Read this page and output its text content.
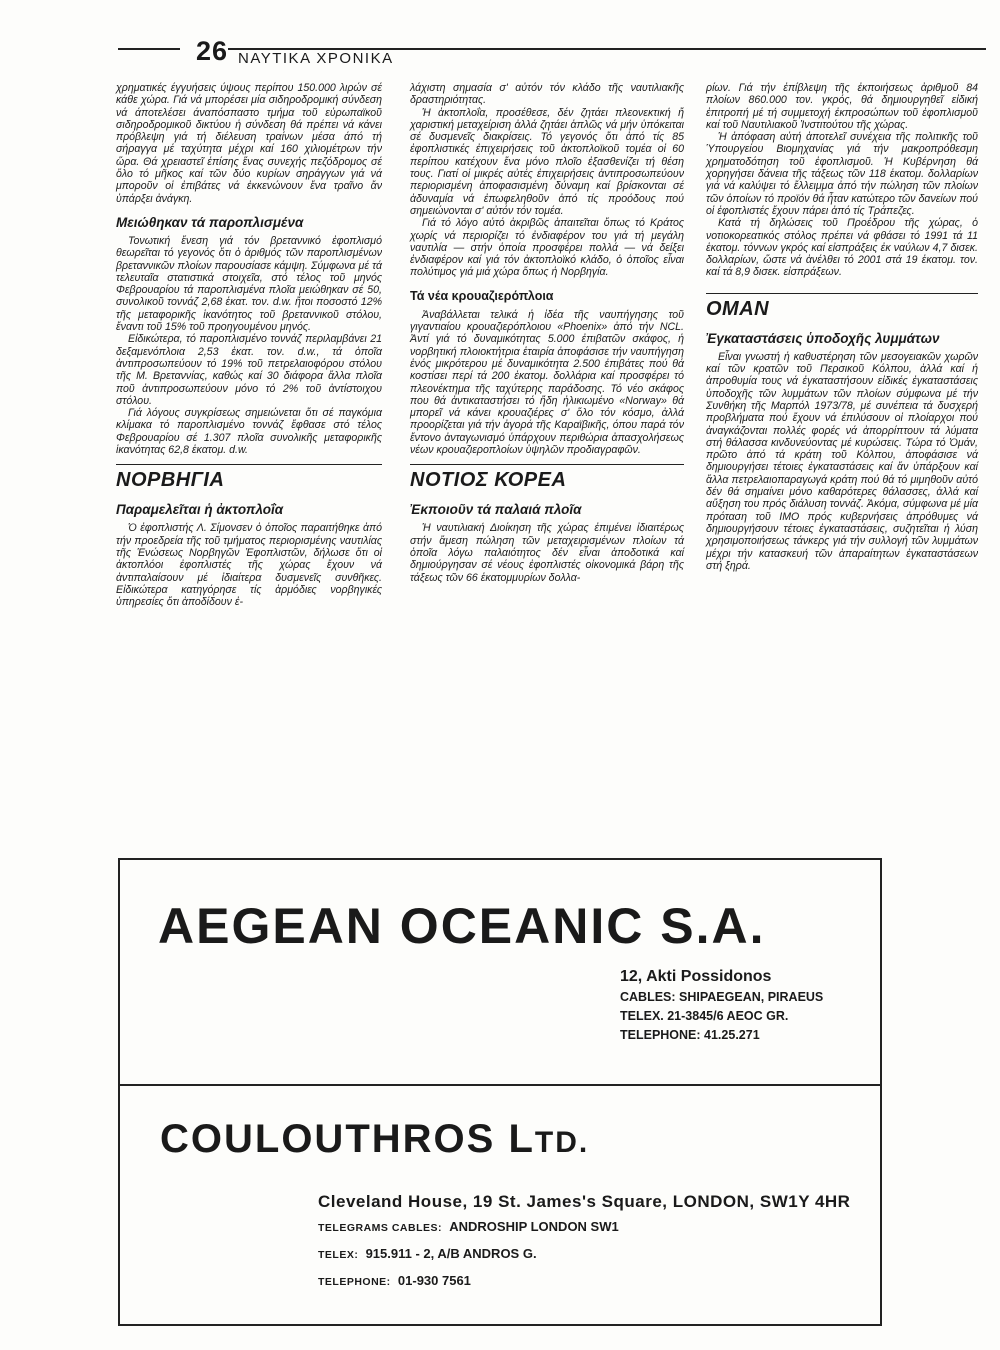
26 ΝΑΥΤΙΚΑ ΧΡΟΝΙΚΑ

χρηματικές έγγυήσεις ύψους περίπου 150.000 λιρών σέ κάθε χώρα. Γιά νά μπορέσει μία σιδηροδρομική σύνδεση νά άποτελέσει άναπόσπαστο τμήμα τοῦ εὐρωπαϊκοῦ σιδηροδρομικοῦ δικτύου ἡ σύνδεση θά πρέπει νά κάνει πρόβλεψη γιά τή διέλευση τραίνων μέσα άπό τή σήραγγα μέ ταχύτητα μέχρι καί 160 χιλιομέτρων τήν ὥρα. Θά χρειαστεῖ ἐπίσης ἕνας συνεχής πεζόδρομος σέ ὅλο τό μῆκος καί τῶν δύο κυρίων σηράγγων γιά νά μποροῦν οἱ ἐπιβάτες νά ἐκκενώνουν ἕνα τραῖνο ἄν ὑπάρξει ἀνάγκη.

Μειώθηκαν τά παροπλισμένα

Τονωτική ἔνεση γιά τόν βρεταννικό ἐφοπλισμό θεωρεῖται τό γεγονός ὅτι ὁ ἀριθμός τῶν παροπλισμένων βρεταννικῶν πλοίων παρουσίασε κάμψη. Σύμφωνα μέ τά τελευταῖα στατιστικά στοιχεῖα, στό τέλος τοῦ μηνός Φεβρουαρίου τά παροπλισμένα πλοῖα μειώθηκαν σέ 50, συνολικοῦ τοννάζ 2,68 ἑκατ. τον. d.w. ἤτοι ποσοστό 12% τῆς μεταφορικῆς ἱκανότητος τοῦ βρεταννικοῦ στόλου, ἔναντι τοῦ 15% τοῦ προηγουμένου μηνός.

Εἰδικώτερα, τό παροπλισμένο τοννάζ περιλαμβάνει 21 δεξαμενόπλοια 2,53 ἑκατ. τον. d.w., τά ὁποῖα ἀντιπροσωπεύουν τό 19% τοῦ πετρελαιοφόρου στόλου τῆς Μ. Βρεταννίας, καθώς καί 30 διάφορα ἄλλα πλοῖα ποῦ ἀντιπροσωπεύουν μόνο τό 2% τοῦ ἀντίστοιχου στόλου.

Γιά λόγους συγκρίσεως σημειώνεται ὅτι σέ παγκόμια κλίμακα τό παροπλισμένο τοννάζ ἔφθασε στό τέλος Φεβρουαρίου σέ 1.307 πλοῖα συνολικῆς μεταφορικῆς ἱκανότητας 62,8 ἑκατομ. d.w.

ΝΟΡΒΗΓΙΑ
Παραμελεῖται ἡ ἀκτοπλοΐα

Ὁ ἐφοπλιστής Λ. Σίμονσεν ὁ ὁποῖος παραιτήθηκε ἀπό τήν προεδρεία τῆς τοῦ τμήματος περιορισμένης ναυτιλίας τῆς Ἑνώσεως Νορβηγῶν Ἐφοπλιστῶν, δήλωσε ὅτι οἱ ἀκτοπλόοι ἐφοπλιστές τῆς χώρας ἔχουν νά ἀντιπαλαίσουν μέ ἰδιαίτερα δυσμενεῖς συνθῆκες. Εἰδικώτερα κατηγόρησε τίς ἁρμόδιες νορβηγικές ὑπηρεσίες ὅτι ἀποδίδουν ἐ-

λάχιστη σημασία σ' αὐτόν τόν κλάδο τῆς ναυτιλιακῆς δραστηριότητας.

Ἡ ἀκτοπλοΐα, προσέθεσε, δέν ζητάει πλεονεκτική ἤ χαριστική μεταχείριση ἀλλά ζητάει ἁπλῶς νά μήν ὑπόκειται σέ δυσμενεῖς διακρίσεις. Τό γεγονός ὅτι ἀπό τίς 85 ἐφοπλιστικές ἐπιχειρήσεις τοῦ ἀκτοπλοϊκοῦ τομέα οἱ 60 περίπου κατέχουν ἕνα μόνο πλοῖο ἐξασθενίζει τή θέση τους. Γιατί οἱ μικρές αὐτές ἐπιχειρήσεις ἀντιπροσωπεύουν περιορισμένη ἀποφασισμένη δύναμη καί βρίσκονται σέ ἀδυναμία νά ἐπωφεληθοῦν ἀπό τίς προόδους πού σημειώνονται σ' αὐτόν τόν τομέα.

Γιά τό λόγο αὐτό ἀκριβῶς ἀπαιτεῖται ὅπως τό Κράτος χωρίς νά περιορίζει τό ἐνδιαφέρον του γιά τή μεγάλη ναυτιλία — στήν ὁποία προσφέρει πολλά — νά δείξει ἐνδιαφέρον καί γιά τόν ἀκτοπλοϊκό κλάδο, ὁ ὁποῖος εἶναι πολύτιμος γιά μιά χώρα ὅπως ἡ Νορβηγία.

Τά νέα κρουαζιερόπλοια

Ἀναβάλλεται τελικά ἡ ἰδέα τῆς ναυπήγησης τοῦ γιγαντιαίου κρουαζιερόπλοιου «Phoenix» ἀπό τήν NCL. Ἀντί γιά τό δυναμικότητας 5.000 ἐπιβατῶν σκάφος, ἡ νορβητική πλοιοκτήτρια ἑταιρία ἀποφάσισε τήν ναυπήγηση ἑνός μικρότερου μέ δυναμικότητα 2.500 ἐπιβάτες πού θά κοστίσει περί τά 200 ἑκατομ. δολλάρια καί προσφέρει τό πλεονέκτημα τῆς ταχύτερης παράδοσης. Τό νέο σκάφος που θά ἀντικαταστήσει τό ἤδη ἡλικιωμένο «Norway» θά μπορεῖ νά κάνει κρουαζιέρες σ' ὅλο τόν κόσμο, ἀλλά προορίζεται γιά τήν ἀγορά τῆς Καραϊβικῆς, όπου παρά τόν ἔντονο ἀνταγωνισμό ὑπάρχουν περιθώρια ἀπασχολήσεως νέων κρουαζιεροπλοίων ὑψηλῶν προδιαγραφῶν.

ΝΟΤΙΟΣ ΚΟΡΕΑ
Ἐκποιοῦν τά παλαιά πλοῖα

Ἡ ναυτιλιακή Διοίκηση τῆς χώρας ἐπιμένει ἰδιαιτέρως στήν ἄμεση πώληση τῶν μεταχειρισμένων πλοίων τά ὁποῖα λόγω παλαιότητος δέν εἶναι ἀποδοτικά καί δημιούργησαν σέ νέους ἐφοπλιστές οἰκονομικά βάρη τῆς τάξεως τῶν 66 ἑκατομμυρίων δολλα-

ρίων. Γιά τήν ἐπίβλεψη τῆς ἐκποιήσεως ἀριθμοῦ 84 πλοίων 860.000 τον. γκρός, θά δημιουργηθεῖ εἰδική ἐπιτροπή μέ τή συμμετοχή ἐκπροσώπων τοῦ ἐφοπλισμοῦ καί τοῦ Ναυτιλιακοῦ Ἰνστιτούτου τῆς χώρας.

Ἡ ἀπόφαση αὐτή ἀποτελεῖ συνέχεια τῆς πολιτικῆς τοῦ Ὑπουργείου Βιομηχανίας γιά τήν μακροπρόθεσμη χρηματοδότηση τοῦ ἐφοπλισμοῦ. Ἡ Κυβέρνηση θά χορηγήσει δάνεια τῆς τάξεως τῶν 118 ἑκατομ. δολλαρίων γιά νά καλύψει τό ἔλλειμμα ἀπό τήν πώληση τῶν πλοίων τῶν ὁποίων τό προϊόν θά ἦταν κατώτερο τῶν δανείων πού οἱ ἐφοπλιστές ἔχουν πάρει ἀπό τίς Τράπεζες.

Κατά τή δηλώσεις τοῦ Προέδρου τῆς χώρας, ὁ νοτιοκορεατικός στόλος πρέπει νά φθάσει τό 1991 τά 11 ἑκατομ. τόννων γκρός καί εἰσπράξεις ἐκ ναύλων 4,7 δισεκ. δολλαρίων, ὥστε νά ἀνέλθει τό 2001 στά 19 ἑκατομ. τον. καί τά 8,9 δισεκ. εἰσπράξεων.

ΟΜΑΝ
Ἐγκαταστάσεις ὑποδοχῆς λυμμάτων

Εἶναι γνωστή ἡ καθυστέρηση τῶν μεσογειακῶν χωρῶν καί τῶν κρατῶν τοῦ Περσικοῦ Κόλπου, ἀλλά καί ἡ ἀπροθυμία τους νά ἐγκαταστήσουν εἰδικές ἐγκαταστάσεις ὑποδοχῆς τῶν λυμμάτων τῶν πλοίων σύμφωνα μέ τήν Συνθήκη τῆς Μαρπόλ 1973/78, μέ συνέπεια τά δυσχερή προβλήματα πού ἔχουν νά ἐπιλύσουν οἱ πλοίαρχοι πού ἀναγκάζονται πολλές φορές νά ἀπορρίπτουν τά λύματα στή θάλασσα κινδυνεύοντας μέ κυρώσεις. Τώρα τό Ὀμάν, πρῶτο ἀπό τά κράτη τοῦ Κόλπου, ἀποφάσισε νά δημιουργήσει τέτοιες ἐγκαταστάσεις καί ἄν ὑπάρξουν καί ἄλλα πετρελαιοπαραγωγά κράτη πού θά τό μιμηθοῦν αὐτό δέν θά σημαίνει μόνο καθαρότερες θάλασσες, ἀλλά καί αὔξηση του πρός διάλυση τοννάζ. Ἀκόμα, σύμφωνα μέ μία πρόταση τοῦ ΙΜΟ πρός κυβερνήσεις ἀπρόθυμες νά δημιουργήσουν τέτοιες ἐγκαταστάσεις, συζητεῖται ἡ λύση χρησιμοποιήσεως τάνκερς γιά τήν συλλογή τῶν λυμμάτων μέχρι τήν κατασκευή τῶν ἀπαραίτητων ἐγκαταστάσεων στή ξηρά.

AEGEAN OCEANIC S.A.
12, Akti Possidonos
CABLES: SHIPAEGEAN, PIRAEUS
TELEX. 21-3845/6 AEOC GR.
TELEPHONE: 41.25.271
COULOUTHROS LTD.
Cleveland House, 19 St. James's Square, LONDON, SW1Y 4HR
TELEGRAMS CABLES: ANDROSHIP LONDON SW1
TELEX: 915.911 - 2, A/B ANDROS G.
TELEPHONE: 01-930 7561
